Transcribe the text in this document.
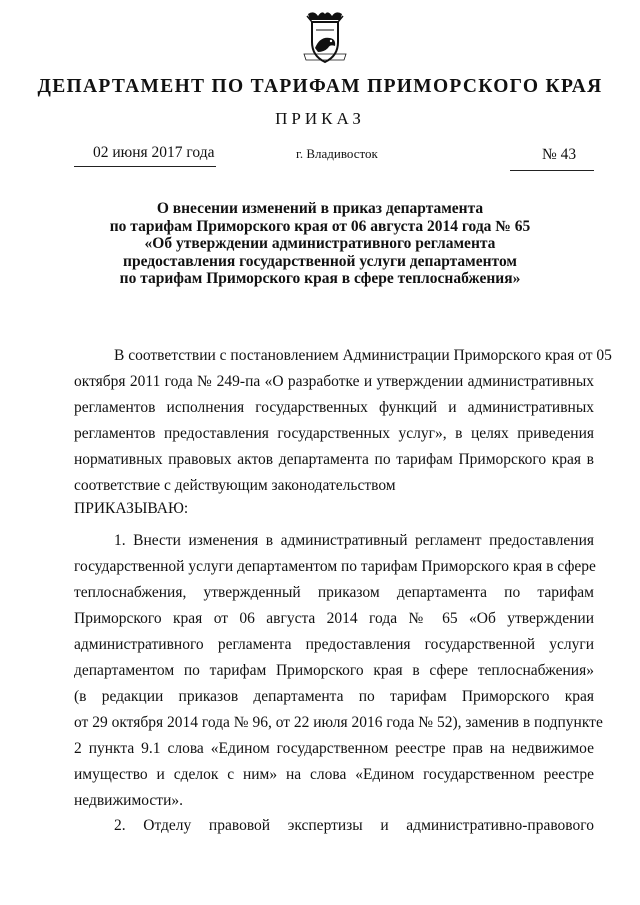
ДЕПАРТАМЕНТ ПО ТАРИФАМ ПРИМОРСКОГО КРАЯ
ПРИКАЗ
02 июня 2017 года	г. Владивосток	№ 43
О внесении изменений в приказ департамента
по тарифам Приморского края от 06 августа 2014 года № 65
«Об утверждении административного регламента
предоставления государственной услуги департаментом
по тарифам Приморского края в сфере теплоснабжения»
В соответствии с постановлением Администрации Приморского края от 05
октября 2011 года № 249-па «О разработке и утверждении административных
регламентов исполнения государственных функций и административных
регламентов предоставления государственных услуг», в целях приведения
нормативных правовых актов департамента по тарифам Приморского края в
соответствие с действующим законодательством
ПРИКАЗЫВАЮ:
1. Внести изменения в административный регламент предоставления
государственной услуги департаментом по тарифам Приморского края в сфере
теплоснабжения, утвержденный приказом департамента по тарифам
Приморского края от 06 августа 2014 года № 65 «Об утверждении
административного регламента предоставления государственной услуги
департаментом по тарифам Приморского края в сфере теплоснабжения»
(в редакции приказов департамента по тарифам Приморского края
от 29 октября 2014 года № 96, от 22 июля 2016 года № 52), заменив в подпункте
2 пункта 9.1 слова «Едином государственном реестре прав на недвижимое
имущество и сделок с ним» на слова «Едином государственном реестре
недвижимости».
2. Отделу правовой экспертизы и административно-правового
